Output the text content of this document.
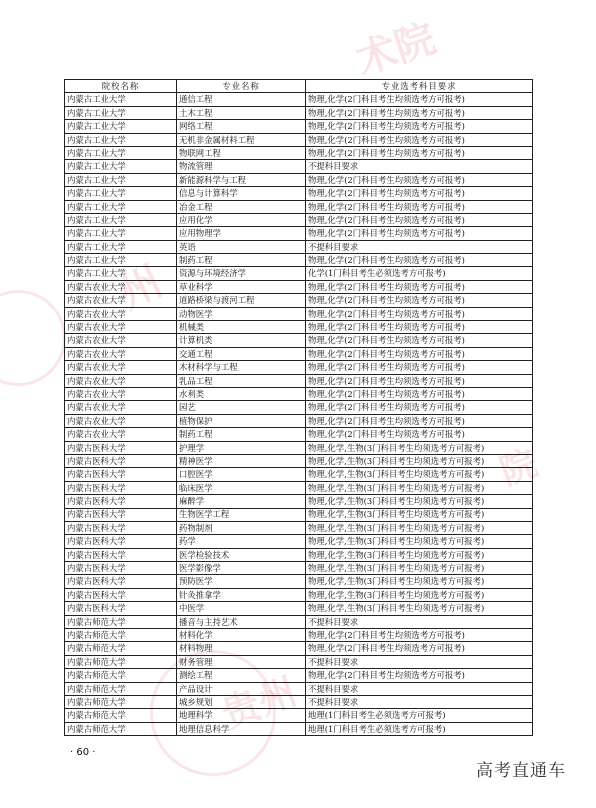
术院
州
院
贵州
院校名称	专业名称	专业选考科目要求
内蒙古工业大学	通信工程	物理,化学(2门科目考生均须选考方可报考)
内蒙古工业大学	土木工程	物理,化学(2门科目考生均须选考方可报考)
内蒙古工业大学	网络工程	物理,化学(2门科目考生均须选考方可报考)
内蒙古工业大学	无机非金属材料工程	物理,化学(2门科目考生均须选考方可报考)
内蒙古工业大学	物联网工程	物理,化学(2门科目考生均须选考方可报考)
内蒙古工业大学	物流管理	不提科目要求
内蒙古工业大学	新能源科学与工程	物理,化学(2门科目考生均须选考方可报考)
内蒙古工业大学	信息与计算科学	物理,化学(2门科目考生均须选考方可报考)
内蒙古工业大学	冶金工程	物理,化学(2门科目考生均须选考方可报考)
内蒙古工业大学	应用化学	物理,化学(2门科目考生均须选考方可报考)
内蒙古工业大学	应用物理学	物理,化学(2门科目考生均须选考方可报考)
内蒙古工业大学	英语	不提科目要求
内蒙古工业大学	制药工程	物理,化学(2门科目考生均须选考方可报考)
内蒙古工业大学	资源与环境经济学	化学(1门科目考生必须选考方可报考)
内蒙古农业大学	草业科学	物理,化学(2门科目考生均须选考方可报考)
内蒙古农业大学	道路桥梁与渡河工程	物理,化学(2门科目考生均须选考方可报考)
内蒙古农业大学	动物医学	物理,化学(2门科目考生均须选考方可报考)
内蒙古农业大学	机械类	物理,化学(2门科目考生均须选考方可报考)
内蒙古农业大学	计算机类	物理,化学(2门科目考生均须选考方可报考)
内蒙古农业大学	交通工程	物理,化学(2门科目考生均须选考方可报考)
内蒙古农业大学	木材科学与工程	物理,化学(2门科目考生均须选考方可报考)
内蒙古农业大学	乳品工程	物理,化学(2门科目考生均须选考方可报考)
内蒙古农业大学	水利类	物理,化学(2门科目考生均须选考方可报考)
内蒙古农业大学	园艺	物理,化学(2门科目考生均须选考方可报考)
内蒙古农业大学	植物保护	物理,化学(2门科目考生均须选考方可报考)
内蒙古农业大学	制药工程	物理,化学(2门科目考生均须选考方可报考)
内蒙古医科大学	护理学	物理,化学,生物(3门科目考生均须选考方可报考)
内蒙古医科大学	精神医学	物理,化学,生物(3门科目考生均须选考方可报考)
内蒙古医科大学	口腔医学	物理,化学,生物(3门科目考生均须选考方可报考)
内蒙古医科大学	临床医学	物理,化学,生物(3门科目考生均须选考方可报考)
内蒙古医科大学	麻醉学	物理,化学,生物(3门科目考生均须选考方可报考)
内蒙古医科大学	生物医学工程	物理,化学,生物(3门科目考生均须选考方可报考)
内蒙古医科大学	药物制剂	物理,化学,生物(3门科目考生均须选考方可报考)
内蒙古医科大学	药学	物理,化学,生物(3门科目考生均须选考方可报考)
内蒙古医科大学	医学检验技术	物理,化学,生物(3门科目考生均须选考方可报考)
内蒙古医科大学	医学影像学	物理,化学,生物(3门科目考生均须选考方可报考)
内蒙古医科大学	预防医学	物理,化学,生物(3门科目考生均须选考方可报考)
内蒙古医科大学	针灸推拿学	物理,化学,生物(3门科目考生均须选考方可报考)
内蒙古医科大学	中医学	物理,化学,生物(3门科目考生均须选考方可报考)
内蒙古师范大学	播音与主持艺术	不提科目要求
内蒙古师范大学	材料化学	物理,化学(2门科目考生均须选考方可报考)
内蒙古师范大学	材料物理	物理,化学(2门科目考生均须选考方可报考)
内蒙古师范大学	财务管理	不提科目要求
内蒙古师范大学	测绘工程	物理,化学(2门科目考生均须选考方可报考)
内蒙古师范大学	产品设计	不提科目要求
内蒙古师范大学	城乡规划	不提科目要求
内蒙古师范大学	地理科学	地理(1门科目考生必须选考方可报考)
内蒙古师范大学	地理信息科学	地理(1门科目考生必须选考方可报考)
· 60 ·
高考直通车
